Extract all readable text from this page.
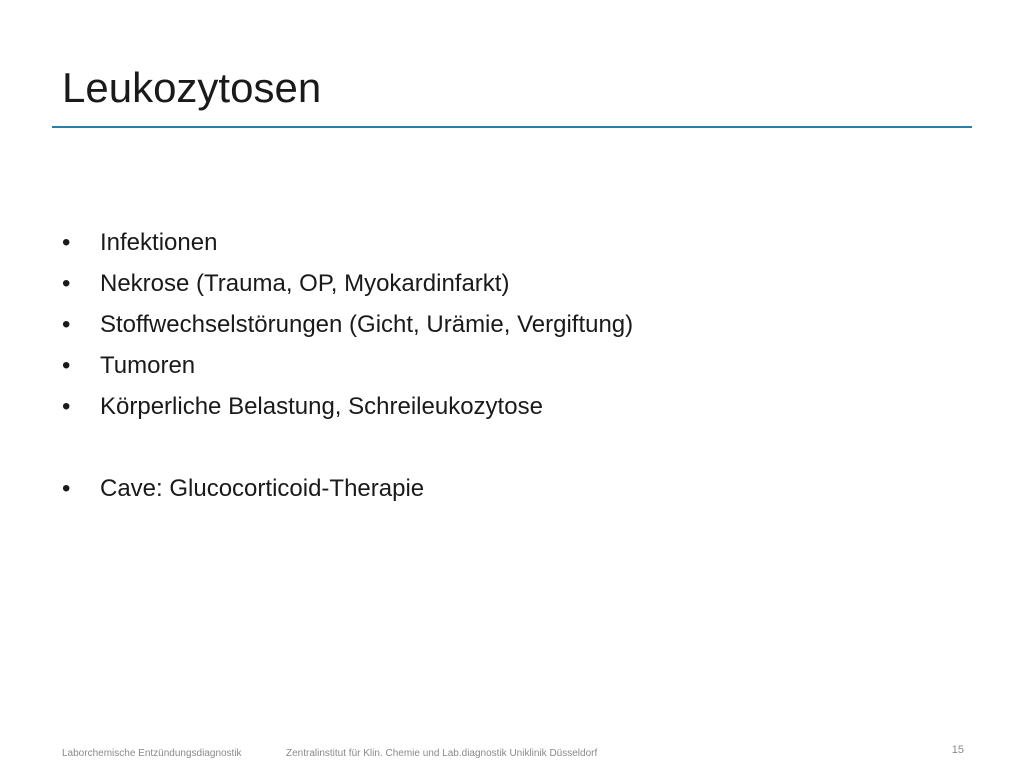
Leukozytosen
• Infektionen
• Nekrose (Trauma, OP, Myokardinfarkt)
• Stoffwechselstörungen (Gicht, Urämie, Vergiftung)
• Tumoren
• Körperliche Belastung, Schreileukozytose
• Cave: Glucocorticoid-Therapie
Laborchemische Entzündungsdiagnostik	Zentralinstitut für Klin. Chemie und Lab.diagnostik Uniklinik Düsseldorf	15
